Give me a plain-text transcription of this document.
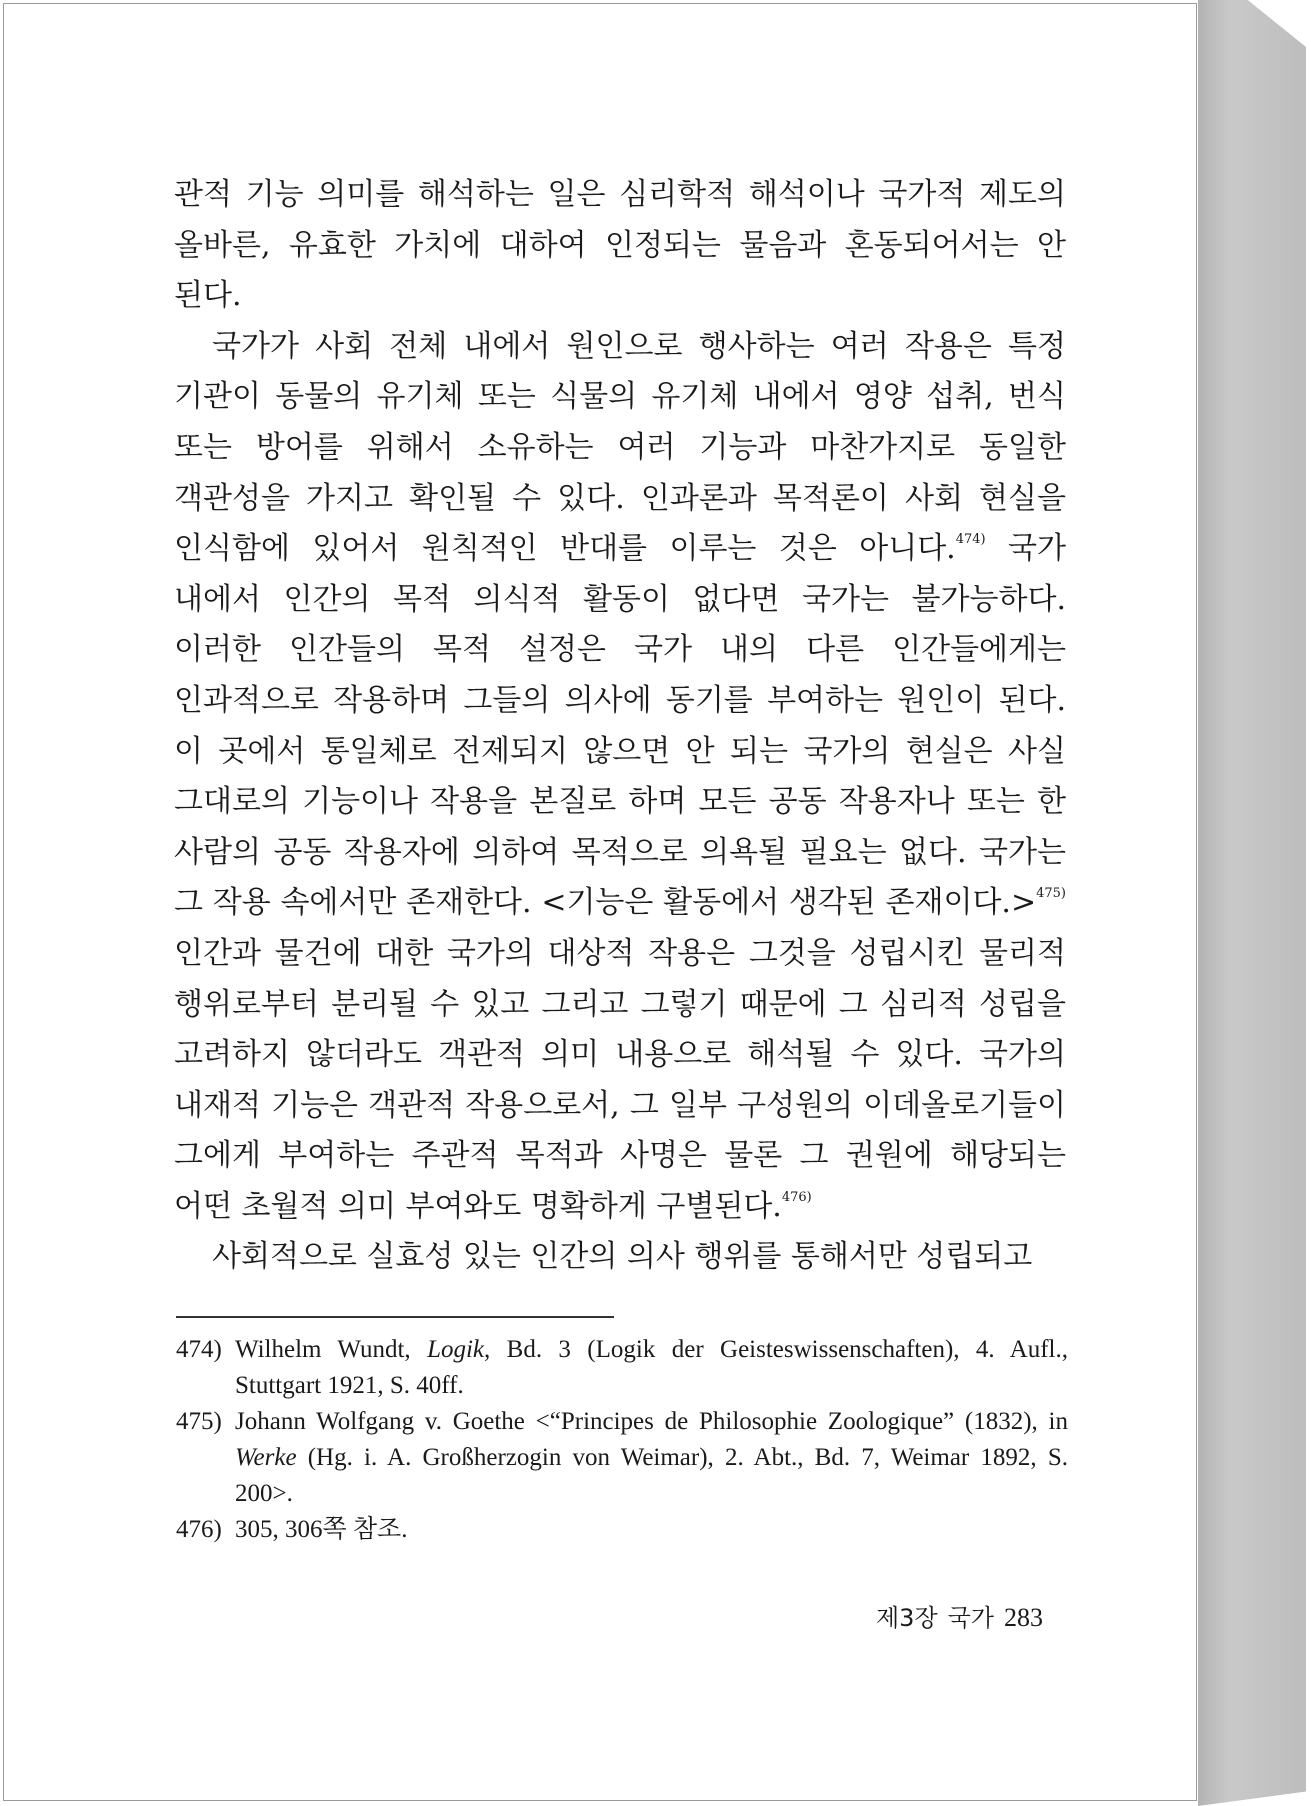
관적 기능 의미를 해석하는 일은 심리학적 해석이나 국가적 제도의 올바른, 유효한 가치에 대하여 인정되는 물음과 혼동되어서는 안 된다.

국가가 사회 전체 내에서 원인으로 행사하는 여러 작용은 특정 기관이 동물의 유기체 또는 식물의 유기체 내에서 영양 섭취, 번식 또는 방어를 위해서 소유하는 여러 기능과 마찬가지로 동일한 객관성을 가지고 확인될 수 있다. 인과론과 목적론이 사회 현실을 인식함에 있어서 원칙적인 반대를 이루는 것은 아니다.$^{474)}$ 국가 내에서 인간의 목적 의식적 활동이 없다면 국가는 불가능하다. 이러한 인간들의 목적 설정은 국가 내의 다른 인간들에게는 인과적으로 작용하며 그들의 의사에 동기를 부여하는 원인이 된다. 이 곳에서 통일체로 전제되지 않으면 안 되는 국가의 현실은 사실 그대로의 기능이나 작용을 본질로 하며 모든 공동 작용자나 또는 한 사람의 공동 작용자에 의하여 목적으로 의욕될 필요는 없다. 국가는 그 작용 속에서만 존재한다. <기능은 활동에서 생각된 존재이다.>$^{475)}$ 인간과 물건에 대한 국가의 대상적 작용은 그것을 성립시킨 물리적 행위로부터 분리될 수 있고 그리고 그렇기 때문에 그 심리적 성립을 고려하지 않더라도 객관적 의미 내용으로 해석될 수 있다. 국가의 내재적 기능은 객관적 작용으로서, 그 일부 구성원의 이데올로기들이 그에게 부여하는 주관적 목적과 사명은 물론 그 권원에 해당되는 어떤 초월적 의미 부여와도 명확하게 구별된다.$^{476)}$

사회적으로 실효성 있는 인간의 의사 행위를 통해서만 성립되고

474) Wilhelm Wundt, Logik, Bd. 3 (Logik der Geisteswissenschaften), 4. Aufl., Stuttgart 1921, S. 40ff.
475) Johann Wolfgang v. Goethe <“Principes de Philosophie Zoologique” (1832), in Werke (Hg. i. A. Großherzogin von Weimar), 2. Abt., Bd. 7, Weimar 1892, S. 200>.
476) 305, 306쪽 참조.
제3장 국가 283
